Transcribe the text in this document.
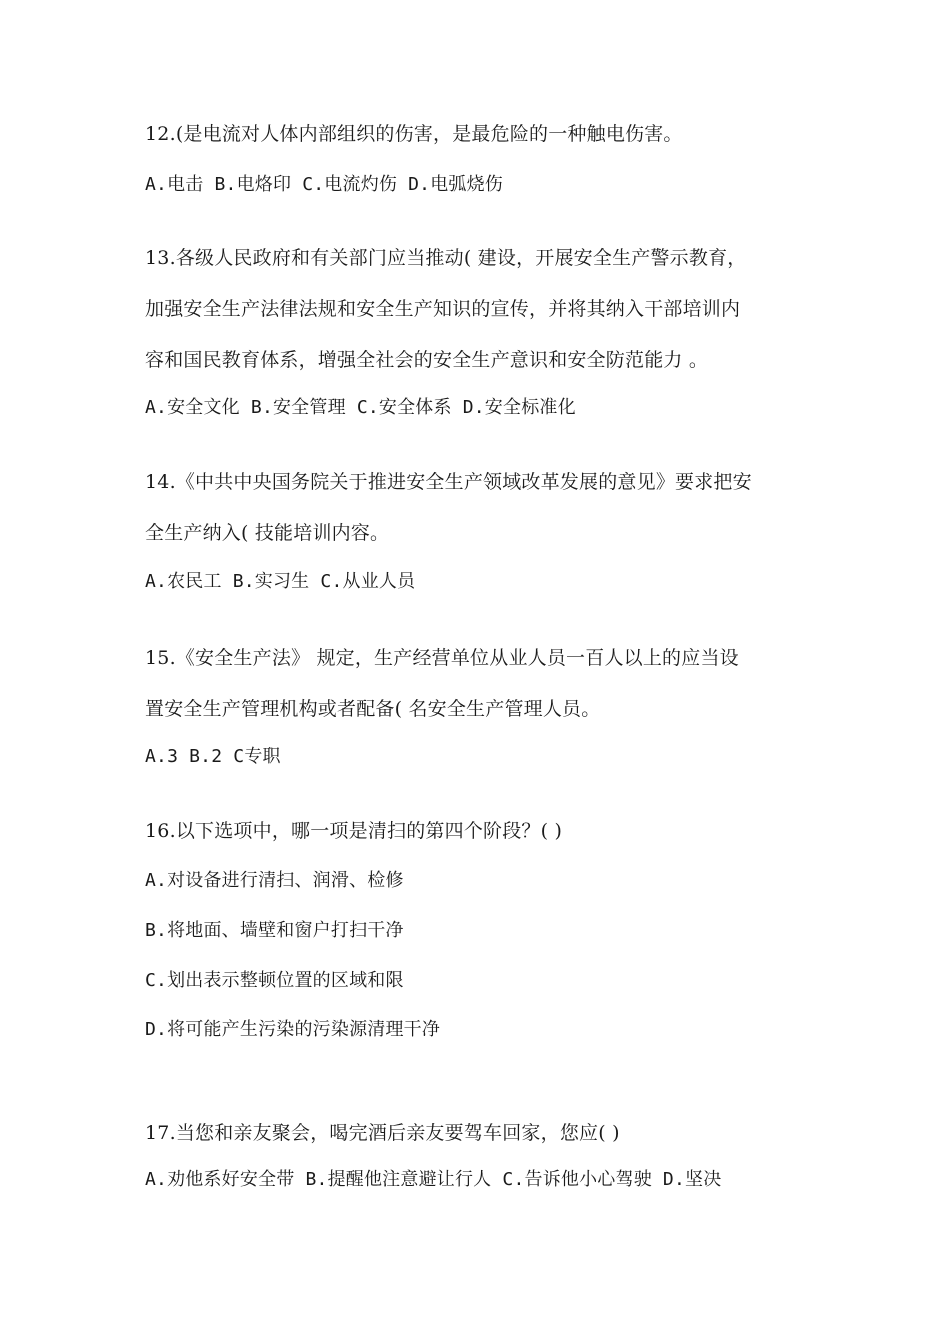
12.(是电流对人体内部组织的伤害，是最危险的一种触电伤害。
A.电击 B.电烙印 C.电流灼伤 D.电弧烧伤
13.各级人民政府和有关部门应当推动( 建设，开展安全生产警示教育，
加强安全生产法律法规和安全生产知识的宣传，并将其纳入干部培训内
容和国民教育体系，增强全社会的安全生产意识和安全防范能力 。
A.安全文化 B.安全管理 C.安全体系 D.安全标准化
14.《中共中央国务院关于推进安全生产领域改革发展的意见》要求把安
全生产纳入( 技能培训内容。
A.农民工 B.实习生 C.从业人员
15.《安全生产法》 规定，生产经营单位从业人员一百人以上的应当设
置安全生产管理机构或者配备( 名安全生产管理人员。
A.3 B.2 C专职
16.以下选项中，哪一项是清扫的第四个阶段？( )
A.对设备进行清扫、润滑、检修
B.将地面、墙壁和窗户打扫干净
C.划出表示整顿位置的区域和限
D.将可能产生污染的污染源清理干净
17.当您和亲友聚会，喝完酒后亲友要驾车回家，您应( )
A.劝他系好安全带 B.提醒他注意避让行人 C.告诉他小心驾驶 D.坚决
